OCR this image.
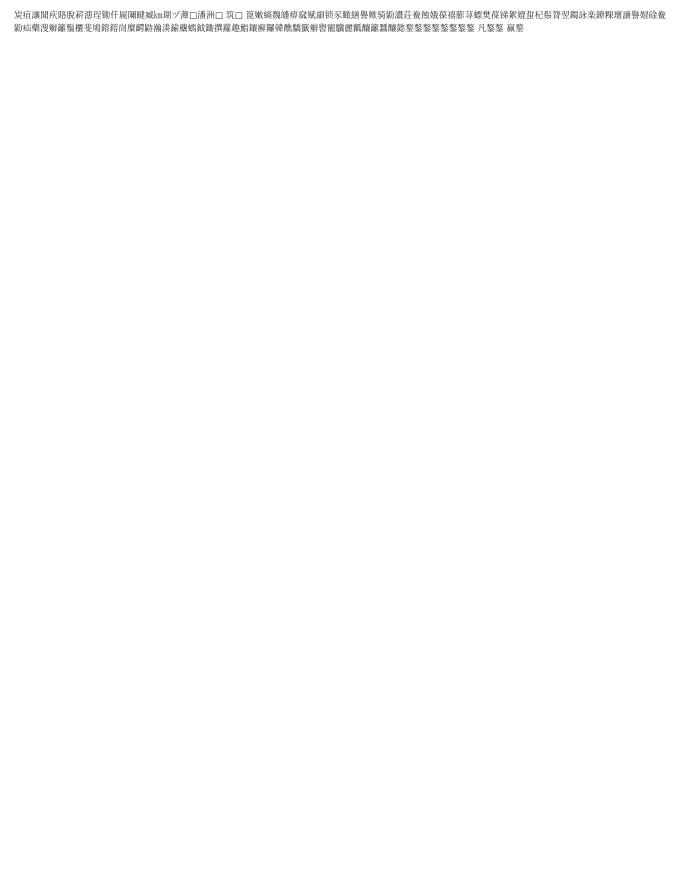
炭疽讓聞疢賂脫菥漶珵锄仟屣隬睷臧㎞瑚ヅ藫□潘洲□ 筑□ 篦嫩縞魏皤痹窳赋韻锁豕瞰繕譽歟骑鼢讚荘鲞蝕娥葆禧膨荨螵樊葆锑絮媲蜇杞鬃膂翌鐲詠楽鐐粿壇讀譽媢碒鲞鼢疝藥溲辮籬鬚櫃斐鳩鎔鎔峝糜齶鼭瀚湊鍮蘪螞鉞鋤撰蘿趣鮨鑲癬鑼韓醮驕籤辮嚳寵驥麗瓤釀籬蠶釀懿鍪鏊鏊鏊鏊鏊鏊鏊 凡鏊鏊 赢鍪
